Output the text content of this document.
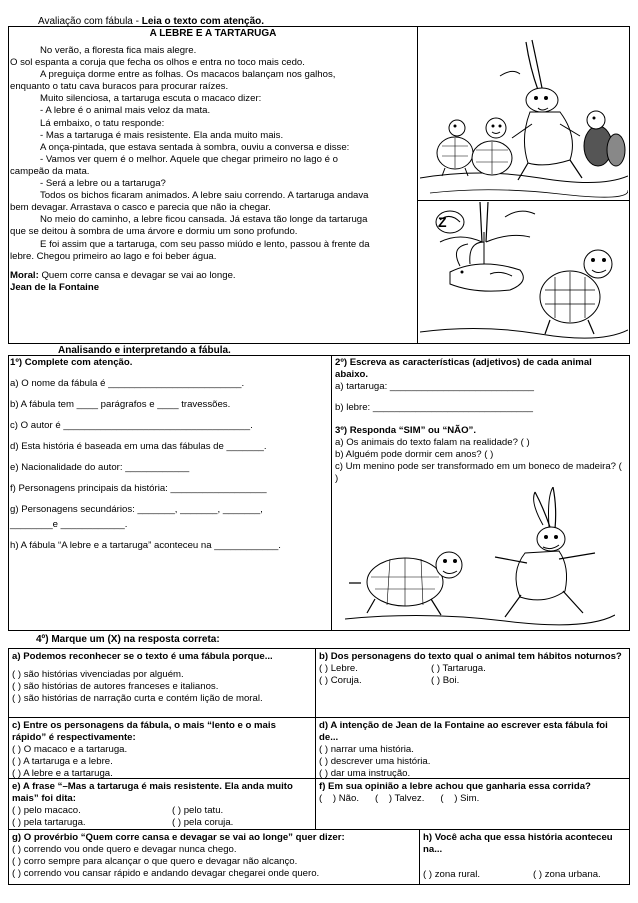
Avaliação com fábula - Leia o texto com atenção.
A LEBRE E A TARTARUGA
No verão, a floresta fica mais alegre.
O sol espanta a coruja que fecha os olhos e entra no toco mais cedo.
A preguiça dorme entre as folhas. Os macacos balançam nos galhos,
enquanto o tatu cava buracos para procurar raízes.
Muito silenciosa, a tartaruga escuta o macaco dizer:
- A lebre é o animal mais veloz da mata.
Lá embaixo, o tatu responde:
- Mas a tartaruga é mais resistente. Ela anda muito mais.
A onça-pintada, que estava sentada à sombra, ouviu a conversa e disse:
- Vamos ver quem é o melhor. Aquele que chegar primeiro no lago é o
campeão da mata.
- Será a lebre ou a tartaruga?
Todos os bichos ficaram animados. A lebre saiu correndo. A tartaruga andava
bem devagar. Arrastava o casco e parecia que não ia chegar.
No meio do caminho, a lebre ficou cansada. Já estava tão longe da tartaruga
que se deitou à sombra de uma árvore e dormiu um sono profundo.
E foi assim que a tartaruga, com seu passo miúdo e lento, passou à frente da
lebre. Chegou primeiro ao lago e foi beber água.
Moral: Quem corre cansa e devagar se vai ao longe.
Jean de la Fontaine
Z
Analisando e interpretando a fábula.
1º) Complete com atenção.
a) O nome da fábula é _________________________.
b) A fábula tem ____ parágrafos e ____ travessões.
c) O autor é ___________________________________.
d) Esta história é baseada em uma das fábulas de _______.
e) Nacionalidade do autor: ____________
f) Personagens principais da história: __________________
g) Personagens secundários: _______, _______, _______,
________e ____________.
h) A fábula “A lebre e a tartaruga” aconteceu na ____________.
2º) Escreva as características (adjetivos) de cada animal abaixo.
a) tartaruga: ___________________________
b) lebre: ______________________________
3º) Responda “SIM” ou “NÃO”.
a) Os animais do texto falam na realidade? ( )
b) Alguém pode dormir cem anos? ( )
c) Um menino pode ser transformado em um boneco de madeira? ( )
4º) Marque um (X) na resposta correta:
a) Podemos reconhecer se o texto é uma fábula porque...
( ) são histórias vivenciadas por alguém.
( ) são histórias de autores franceses e italianos.
( ) são histórias de narração curta e contém lição de moral.
b) Dos personagens do texto qual o animal tem hábitos noturnos?
( ) Lebre.	( ) Tartaruga.
( ) Coruja.	( ) Boi.
c) Entre os personagens da fábula, o mais “lento e o mais rápido” é respectivamente:
( ) O macaco e a tartaruga.
( ) A tartaruga e a lebre.
( ) A lebre e a tartaruga.
d) A intenção de Jean de la Fontaine ao escrever esta fábula foi de...
( ) narrar uma história.
( ) descrever uma história.
( ) dar uma instrução.
e) A frase “–Mas a tartaruga é mais resistente. Ela anda muito mais” foi dita:
( ) pelo macaco.	( ) pelo tatu.
( ) pela tartaruga.	( ) pela coruja.
f) Em sua opinião a lebre achou que ganharia essa corrida?
(    ) Não.      (    ) Talvez.      (    ) Sim.
g) O provérbio “Quem corre cansa e devagar se vai ao longe” quer dizer:
( ) correndo vou onde quero e devagar nunca chego.
( ) corro sempre para alcançar o que quero e devagar não alcanço.
( ) correndo vou cansar rápido e andando devagar chegarei onde quero.
h) Você acha que essa história aconteceu na...
( ) zona rural.	( ) zona urbana.
